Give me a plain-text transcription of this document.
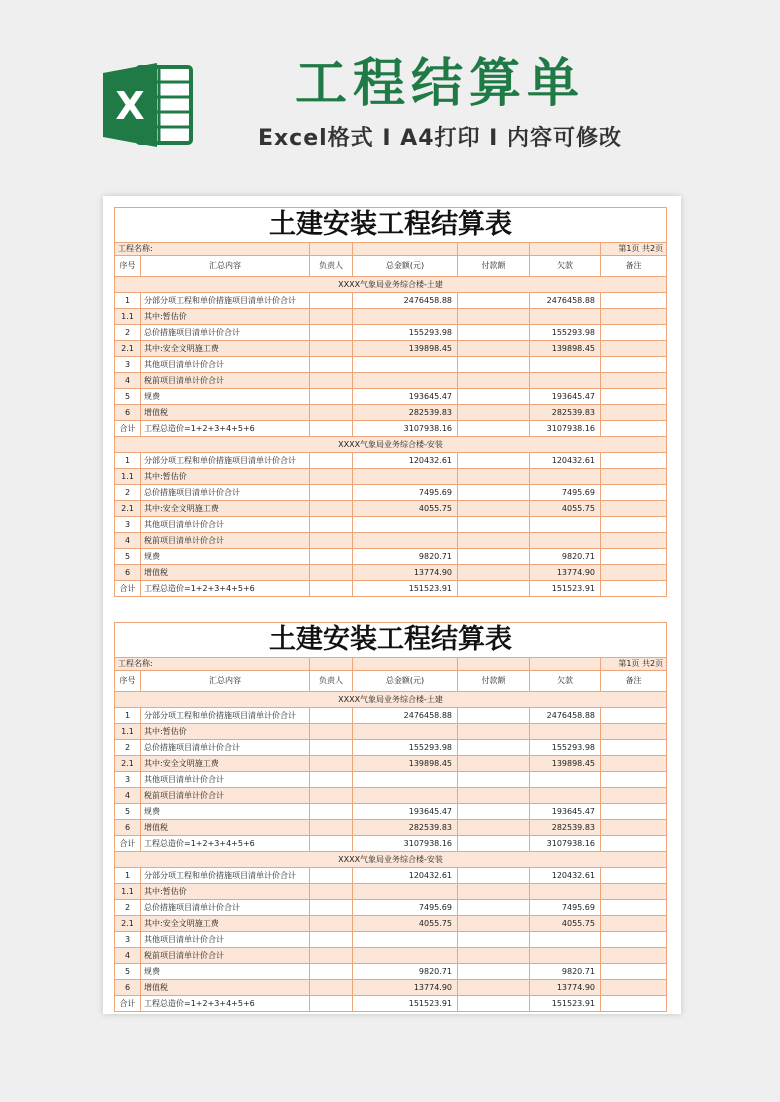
X	工程结算单
Excel格式 I A4打印 I 内容可修改
土建安装工程结算表						
工程名称:						第1页 共2页
序号	汇总内容	负责人	总金额(元)	付款额	欠款	备注
XXXX气象局业务综合楼-土建						
1	分部分项工程和单价措施项目清单计价合计		2476458.88		2476458.88	
1.1	其中:暂估价					
2	总价措施项目清单计价合计		155293.98		155293.98	
2.1	其中:安全文明施工费		139898.45		139898.45	
3	其他项目清单计价合计					
4	税前项目清单计价合计					
5	规费		193645.47		193645.47	
6	增值税		282539.83		282539.83	
合计	工程总造价=1+2+3+4+5+6		3107938.16		3107938.16	
XXXX气象局业务综合楼-安装						
1	分部分项工程和单价措施项目清单计价合计		120432.61		120432.61	
1.1	其中:暂估价					
2	总价措施项目清单计价合计		7495.69		7495.69	
2.1	其中:安全文明施工费		4055.75		4055.75	
3	其他项目清单计价合计					
4	税前项目清单计价合计					
5	规费		9820.71		9820.71	
6	增值税		13774.90		13774.90	
合计	工程总造价=1+2+3+4+5+6		151523.91		151523.91	
土建安装工程结算表						
工程名称:						第1页 共2页
序号	汇总内容	负责人	总金额(元)	付款额	欠款	备注
XXXX气象局业务综合楼-土建						
1	分部分项工程和单价措施项目清单计价合计		2476458.88		2476458.88	
1.1	其中:暂估价					
2	总价措施项目清单计价合计		155293.98		155293.98	
2.1	其中:安全文明施工费		139898.45		139898.45	
3	其他项目清单计价合计					
4	税前项目清单计价合计					
5	规费		193645.47		193645.47	
6	增值税		282539.83		282539.83	
合计	工程总造价=1+2+3+4+5+6		3107938.16		3107938.16	
XXXX气象局业务综合楼-安装						
1	分部分项工程和单价措施项目清单计价合计		120432.61		120432.61	
1.1	其中:暂估价					
2	总价措施项目清单计价合计		7495.69		7495.69	
2.1	其中:安全文明施工费		4055.75		4055.75	
3	其他项目清单计价合计					
4	税前项目清单计价合计					
5	规费		9820.71		9820.71	
6	增值税		13774.90		13774.90	
合计	工程总造价=1+2+3+4+5+6		151523.91		151523.91	
